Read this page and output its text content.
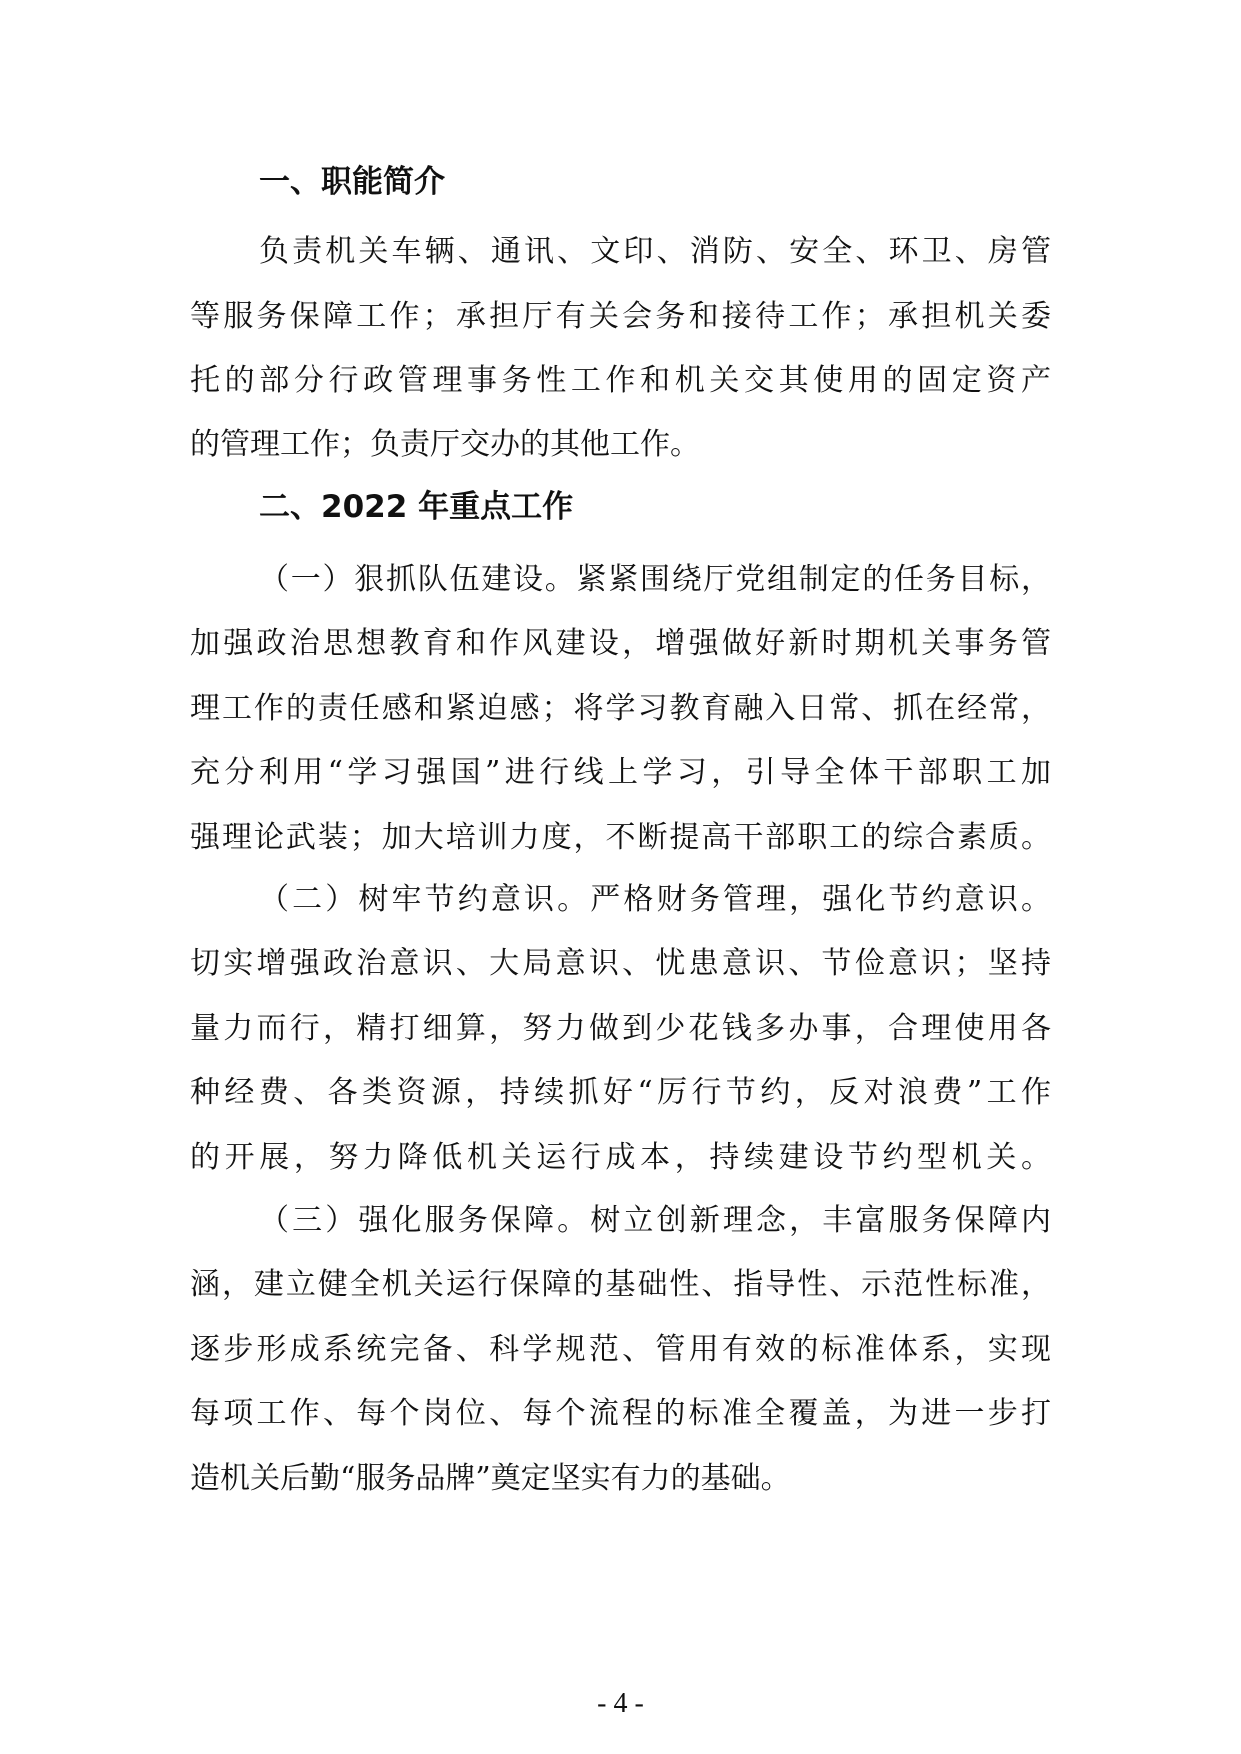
一、职能简介
负责机关车辆、通讯、文印、消防、安全、环卫、房管
等服务保障工作；承担厅有关会务和接待工作；承担机关委
托的部分行政管理事务性工作和机关交其使用的固定资产
的管理工作；负责厅交办的其他工作。
二、2022 年重点工作
（一）狠抓队伍建设。紧紧围绕厅党组制定的任务目标，
加强政治思想教育和作风建设，增强做好新时期机关事务管
理工作的责任感和紧迫感；将学习教育融入日常、抓在经常，
充分利用“学习强国”进行线上学习，引导全体干部职工加
强理论武装；加大培训力度，不断提高干部职工的综合素质。
（二）树牢节约意识。严格财务管理，强化节约意识。
切实增强政治意识、大局意识、忧患意识、节俭意识；坚持
量力而行，精打细算，努力做到少花钱多办事，合理使用各
种经费、各类资源，持续抓好“厉行节约，反对浪费”工作
的开展，努力降低机关运行成本，持续建设节约型机关。
（三）强化服务保障。树立创新理念，丰富服务保障内
涵，建立健全机关运行保障的基础性、指导性、示范性标准，
逐步形成系统完备、科学规范、管用有效的标准体系，实现
每项工作、每个岗位、每个流程的标准全覆盖，为进一步打
造机关后勤“服务品牌”奠定坚实有力的基础。
- 4 -
